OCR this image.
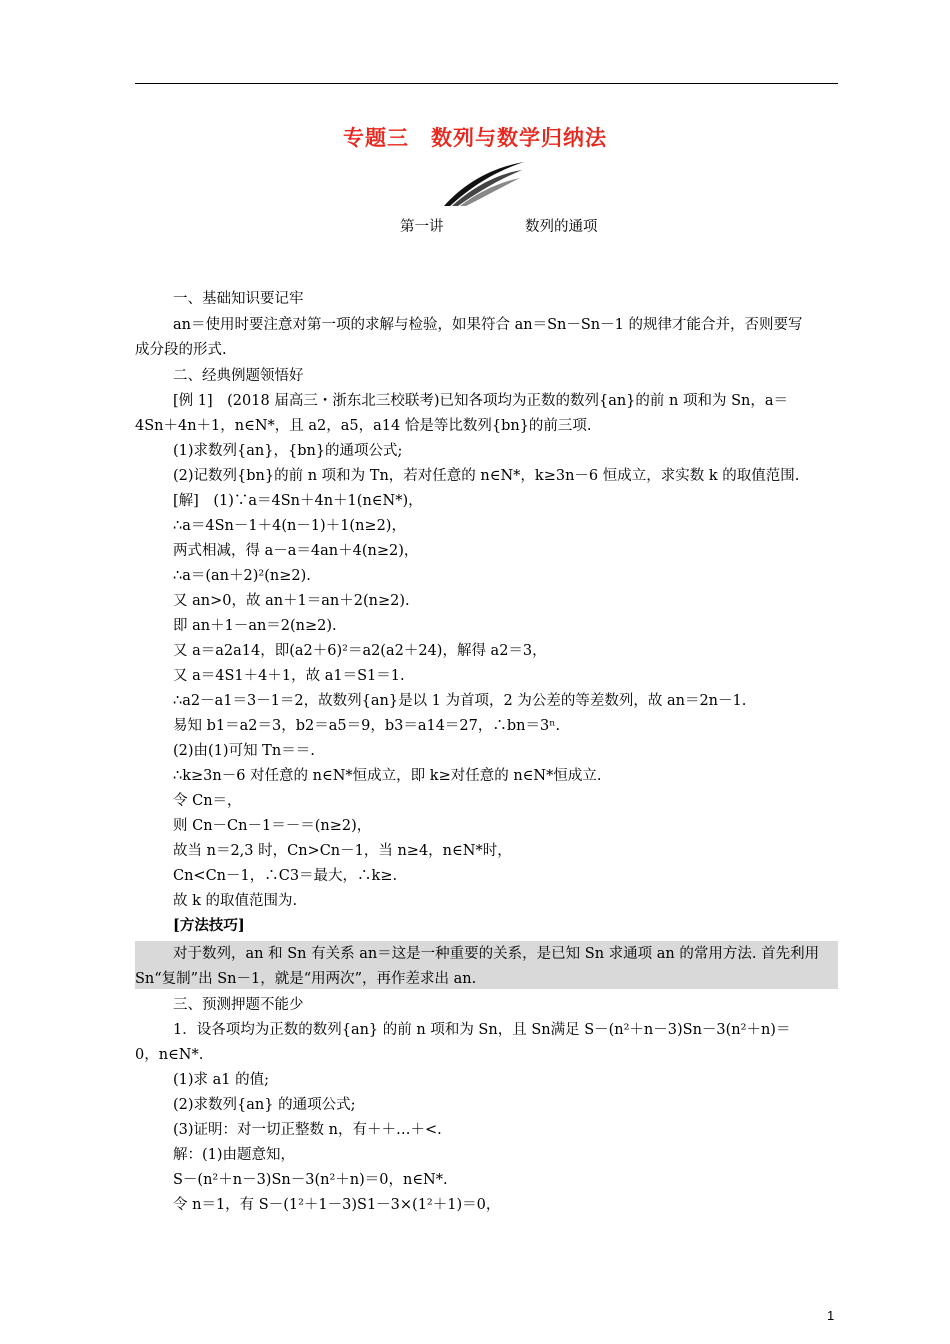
专题三　数列与数学归纳法
第一讲	数列的通项
一、基础知识要记牢
an＝使用时要注意对第一项的求解与检验，如果符合 an＝Sn－Sn－1 的规律才能合并，否则要写
成分段的形式.
二、经典例题领悟好
[例 1]　(2018 届高三・浙东北三校联考)已知各项均为正数的数列{an}的前 n 项和为 Sn，a＝
4Sn＋4n＋1，n∈N*，且 a2，a5，a14 恰是等比数列{bn}的前三项.
(1)求数列{an}，{bn}的通项公式;
(2)记数列{bn}的前 n 项和为 Tn，若对任意的 n∈N*，k≥3n－6 恒成立，求实数 k 的取值范围.
[解]　(1)∵a＝4Sn＋4n＋1(n∈N*)，
∴a＝4Sn－1＋4(n－1)＋1(n≥2)，
两式相减，得 a－a＝4an＋4(n≥2)，
∴a＝(an＋2)²(n≥2).
又 an>0，故 an＋1＝an＋2(n≥2).
即 an＋1－an＝2(n≥2).
又 a＝a2a14，即(a2＋6)²＝a2(a2＋24)，解得 a2＝3，
又 a＝4S1＋4＋1，故 a1＝S1＝1.
∴a2－a1＝3－1＝2，故数列{an}是以 1 为首项，2 为公差的等差数列，故 an＝2n－1.
易知 b1＝a2＝3，b2＝a5＝9，b3＝a14＝27，∴bn＝3ⁿ.
(2)由(1)可知 Tn＝＝.
∴k≥3n－6 对任意的 n∈N*恒成立，即 k≥对任意的 n∈N*恒成立.
令 Cn＝，
则 Cn－Cn－1＝－＝(n≥2)，
故当 n＝2,3 时，Cn>Cn－1，当 n≥4，n∈N*时，
Cn<Cn－1，∴C3＝最大，∴k≥.
故 k 的取值范围为.
[方法技巧]
对于数列，an 和 Sn 有关系 an＝这是一种重要的关系，是已知 Sn 求通项 an 的常用方法. 首先利用
Sn“复制”出 Sn－1，就是“用两次”，再作差求出 an.
三、预测押题不能少
1．设各项均为正数的数列{an} 的前 n 项和为 Sn，且 Sn满足 S－(n²＋n－3)Sn－3(n²＋n)＝
0，n∈N*.
(1)求 a1 的值;
(2)求数列{an} 的通项公式;
(3)证明：对一切正整数 n，有＋＋…＋<.
解：(1)由题意知，
S－(n²＋n－3)Sn－3(n²＋n)＝0，n∈N*.
令 n＝1，有 S－(1²＋1－3)S1－3×(1²＋1)＝0，
1
